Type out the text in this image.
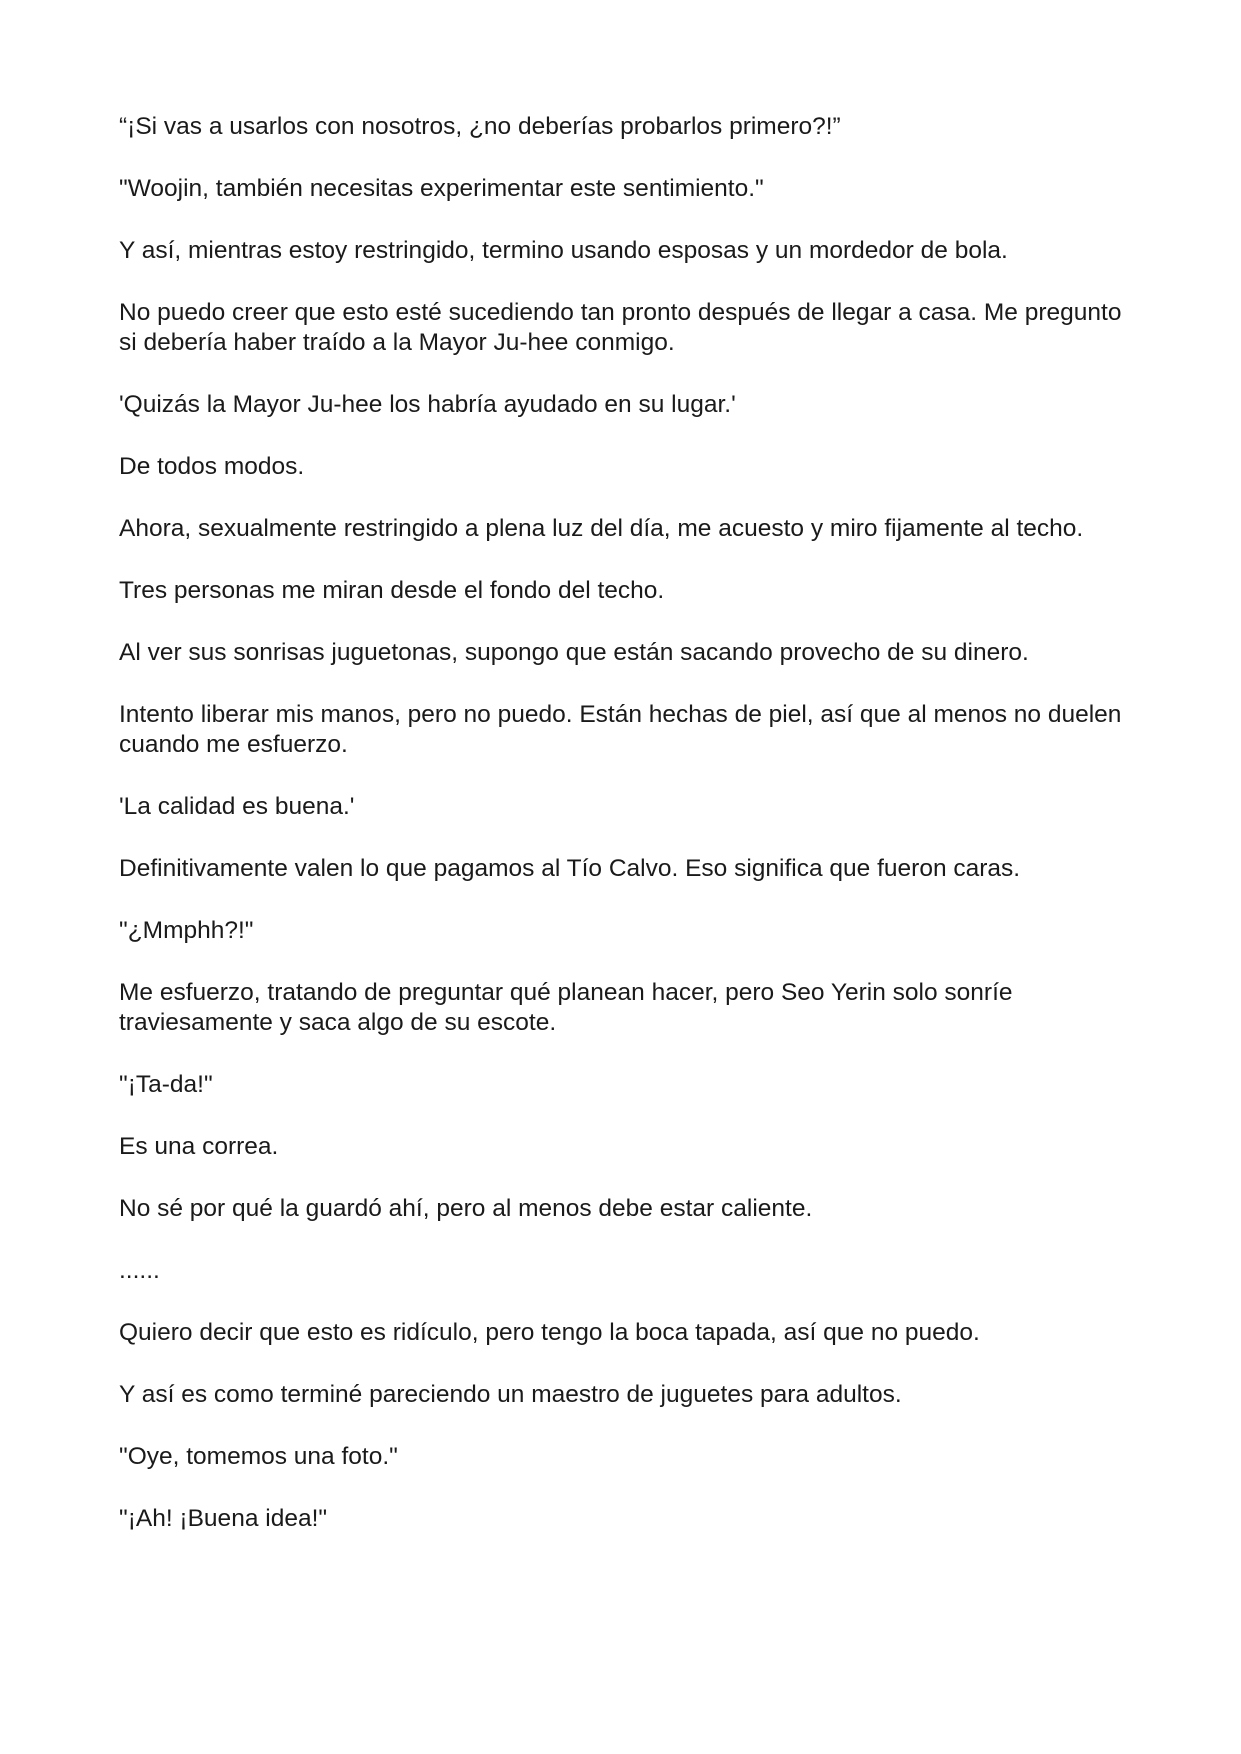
“¡Si vas a usarlos con nosotros, ¿no deberías probarlos primero?!”

"Woojin, también necesitas experimentar este sentimiento."

Y así, mientras estoy restringido, termino usando esposas y un mordedor de bola.

No puedo creer que esto esté sucediendo tan pronto después de llegar a casa. Me pregunto si debería haber traído a la Mayor Ju-hee conmigo.

'Quizás la Mayor Ju-hee los habría ayudado en su lugar.'

De todos modos.

Ahora, sexualmente restringido a plena luz del día, me acuesto y miro fijamente al techo.

Tres personas me miran desde el fondo del techo.

Al ver sus sonrisas juguetonas, supongo que están sacando provecho de su dinero.

Intento liberar mis manos, pero no puedo. Están hechas de piel, así que al menos no duelen cuando me esfuerzo.

'La calidad es buena.'

Definitivamente valen lo que pagamos al Tío Calvo. Eso significa que fueron caras.

"¿Mmphh?!"

Me esfuerzo, tratando de preguntar qué planean hacer, pero Seo Yerin solo sonríe traviesamente y saca algo de su escote.

"¡Ta-da!"

Es una correa.

No sé por qué la guardó ahí, pero al menos debe estar caliente.

......

Quiero decir que esto es ridículo, pero tengo la boca tapada, así que no puedo.

Y así es como terminé pareciendo un maestro de juguetes para adultos.

"Oye, tomemos una foto."

"¡Ah! ¡Buena idea!"
